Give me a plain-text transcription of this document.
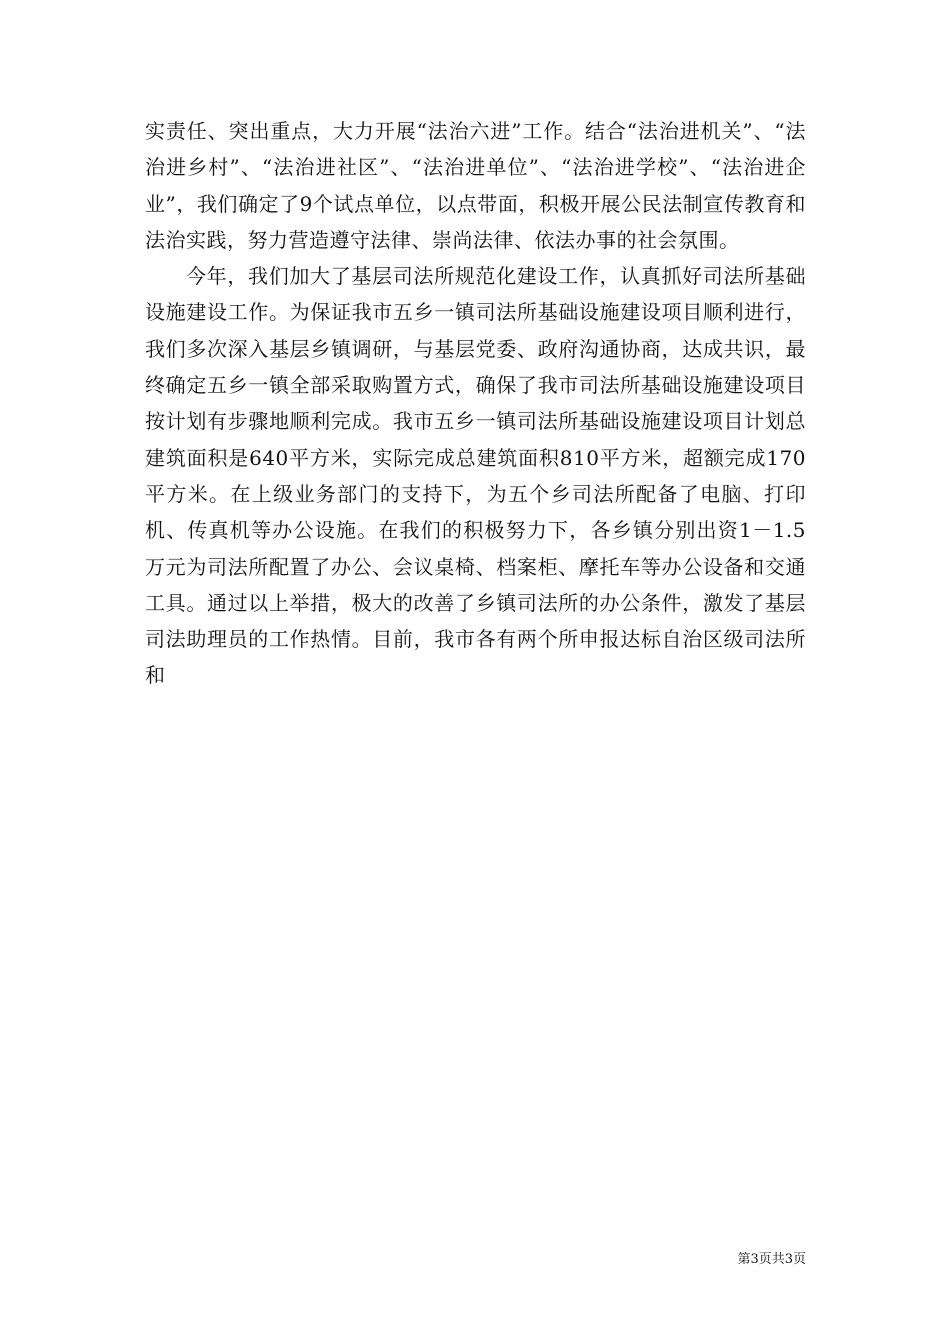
实责任、突出重点，大力开展“法治六进”工作。结合“法治进机关”、“法治进乡村”、“法治进社区”、“法治进单位”、“法治进学校”、“法治进企业”，我们确定了9个试点单位，以点带面，积极开展公民法制宣传教育和法治实践，努力营造遵守法律、崇尚法律、依法办事的社会氛围。

今年，我们加大了基层司法所规范化建设工作，认真抓好司法所基础设施建设工作。为保证我市五乡一镇司法所基础设施建设项目顺利进行，我们多次深入基层乡镇调研，与基层党委、政府沟通协商，达成共识，最终确定五乡一镇全部采取购置方式，确保了我市司法所基础设施建设项目按计划有步骤地顺利完成。我市五乡一镇司法所基础设施建设项目计划总建筑面积是640平方米，实际完成总建筑面积810平方米，超额完成170平方米。在上级业务部门的支持下，为五个乡司法所配备了电脑、打印机、传真机等办公设施。在我们的积极努力下，各乡镇分别出资1－1.5万元为司法所配置了办公、会议桌椅、档案柜、摩托车等办公设备和交通工具。通过以上举措，极大的改善了乡镇司法所的办公条件，激发了基层司法助理员的工作热情。目前，我市各有两个所申报达标自治区级司法所和

第3页共3页
